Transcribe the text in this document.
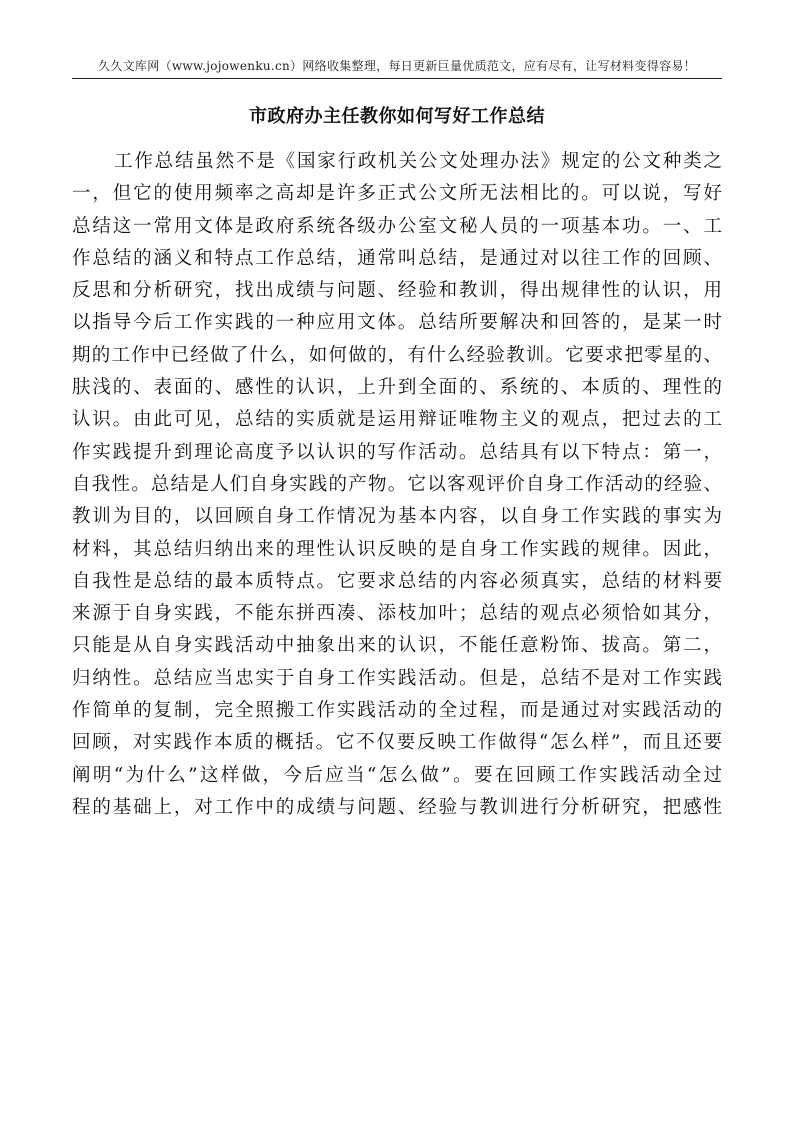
久久文库网（www.jojowenku.cn）网络收集整理，每日更新巨量优质范文，应有尽有，让写材料变得容易！
市政府办主任教你如何写好工作总结
工作总结虽然不是《国家行政机关公文处理办法》规定的公文种类之
一，但它的使用频率之高却是许多正式公文所无法相比的。可以说，写好
总结这一常用文体是政府系统各级办公室文秘人员的一项基本功。一、工
作总结的涵义和特点工作总结，通常叫总结，是通过对以往工作的回顾、
反思和分析研究，找出成绩与问题、经验和教训，得出规律性的认识，用
以指导今后工作实践的一种应用文体。总结所要解决和回答的，是某一时
期的工作中已经做了什么，如何做的，有什么经验教训。它要求把零星的、
肤浅的、表面的、感性的认识，上升到全面的、系统的、本质的、理性的
认识。由此可见，总结的实质就是运用辩证唯物主义的观点，把过去的工
作实践提升到理论高度予以认识的写作活动。总结具有以下特点：第一，
自我性。总结是人们自身实践的产物。它以客观评价自身工作活动的经验、
教训为目的，以回顾自身工作情况为基本内容，以自身工作实践的事实为
材料，其总结归纳出来的理性认识反映的是自身工作实践的规律。因此，
自我性是总结的最本质特点。它要求总结的内容必须真实，总结的材料要
来源于自身实践，不能东拼西凑、添枝加叶；总结的观点必须恰如其分，
只能是从自身实践活动中抽象出来的认识，不能任意粉饰、拔高。第二，
归纳性。总结应当忠实于自身工作实践活动。但是，总结不是对工作实践
作简单的复制，完全照搬工作实践活动的全过程，而是通过对实践活动的
回顾，对实践作本质的概括。它不仅要反映工作做得“怎么样”，而且还要
阐明“为什么”这样做，今后应当“怎么做”。要在回顾工作实践活动全过
程的基础上，对工作中的成绩与问题、经验与教训进行分析研究，把感性
